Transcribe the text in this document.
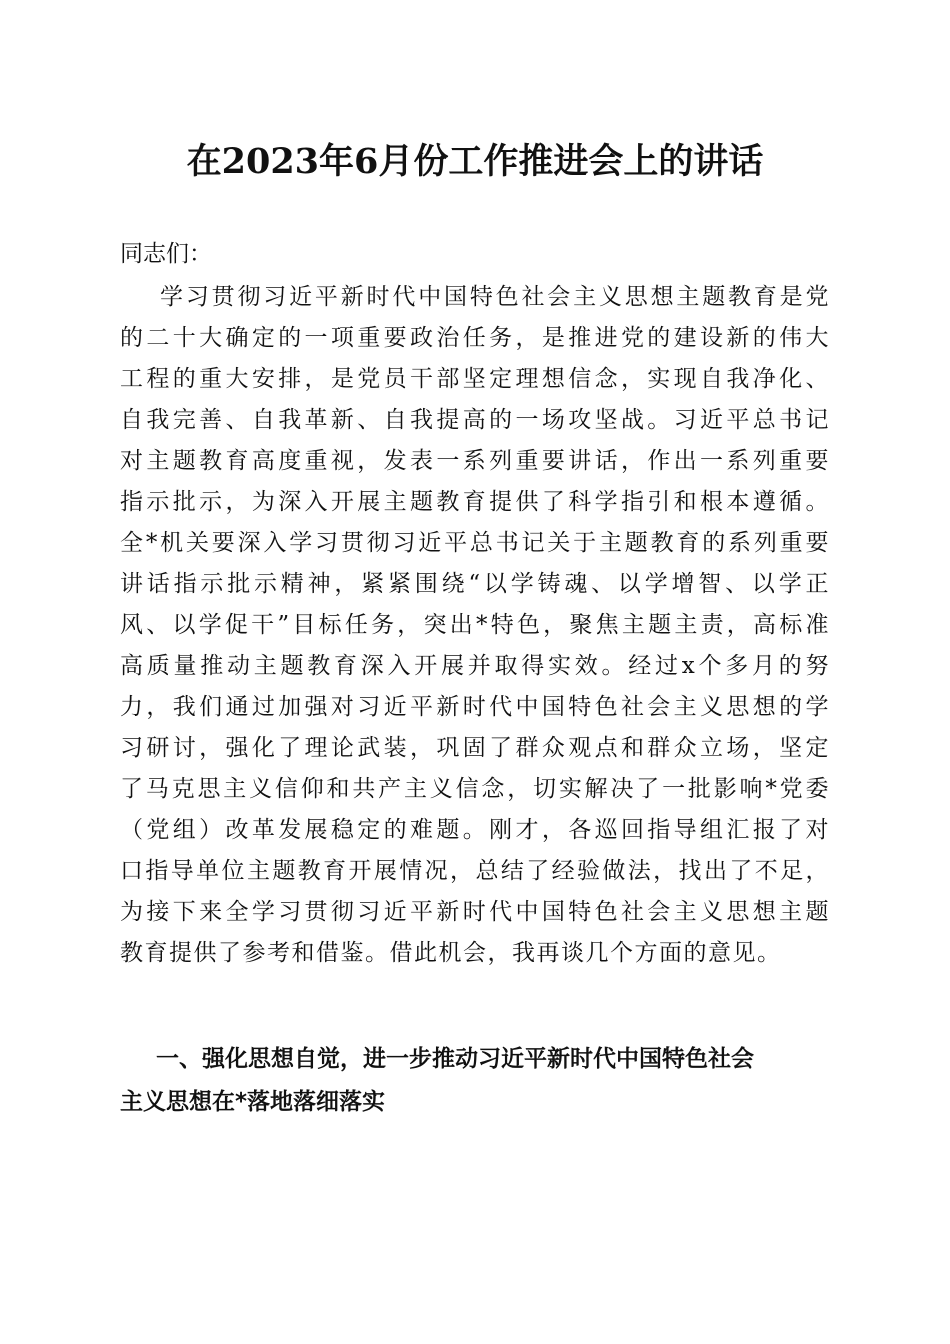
在2023年6月份工作推进会上的讲话

同志们：

学习贯彻习近平新时代中国特色社会主义思想主题教育是党
的二十大确定的一项重要政治任务，是推进党的建设新的伟大
工程的重大安排，是党员干部坚定理想信念，实现自我净化、
自我完善、自我革新、自我提高的一场攻坚战。习近平总书记
对主题教育高度重视，发表一系列重要讲话，作出一系列重要
指示批示，为深入开展主题教育提供了科学指引和根本遵循。
全*机关要深入学习贯彻习近平总书记关于主题教育的系列重要
讲话指示批示精神，紧紧围绕“以学铸魂、以学增智、以学正
风、以学促干”目标任务，突出*特色，聚焦主题主责，高标准
高质量推动主题教育深入开展并取得实效。经过x个多月的努
力，我们通过加强对习近平新时代中国特色社会主义思想的学
习研讨，强化了理论武装，巩固了群众观点和群众立场，坚定
了马克思主义信仰和共产主义信念，切实解决了一批影响*党委
（党组）改革发展稳定的难题。刚才，各巡回指导组汇报了对
口指导单位主题教育开展情况，总结了经验做法，找出了不足，
为接下来全学习贯彻习近平新时代中国特色社会主义思想主题
教育提供了参考和借鉴。借此机会，我再谈几个方面的意见。
一、强化思想自觉，进一步推动习近平新时代中国特色社会
主义思想在*落地落细落实
